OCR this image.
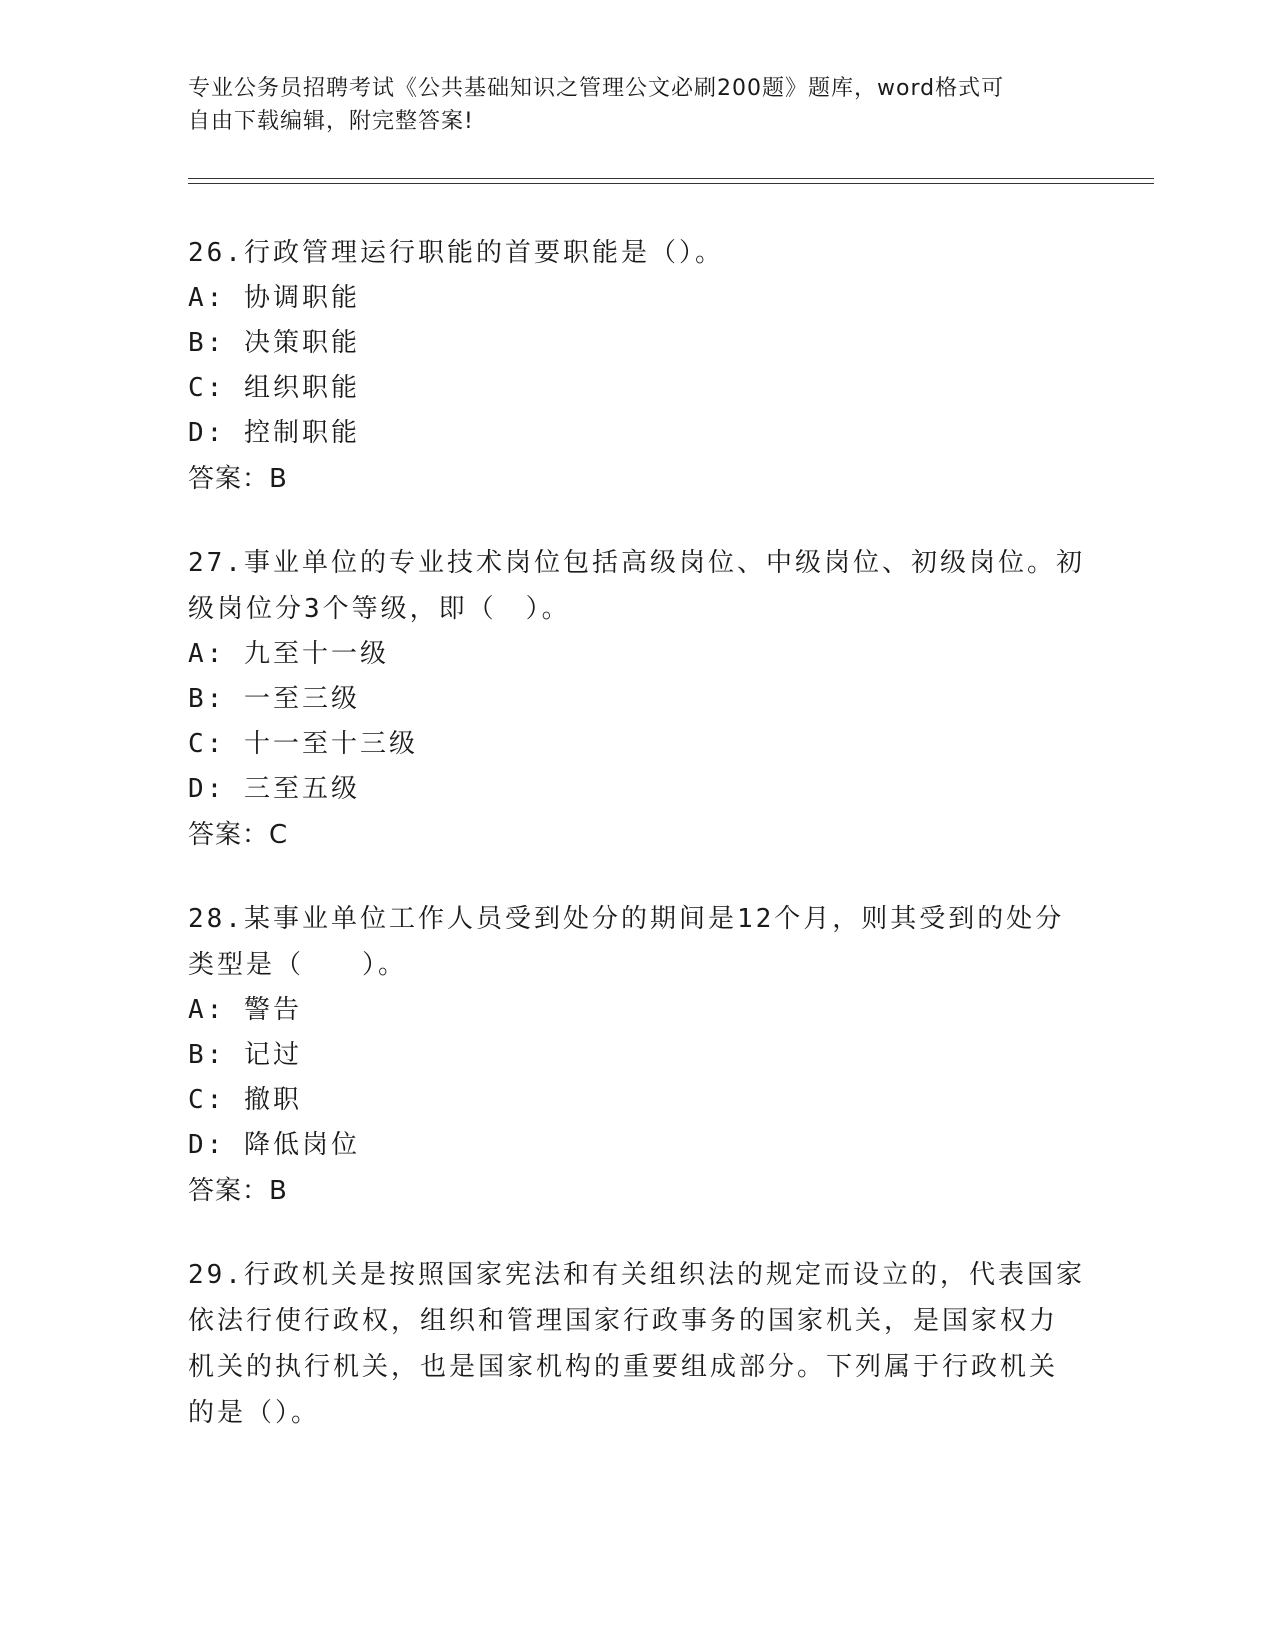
专业公务员招聘考试《公共基础知识之管理公文必刷200题》题库，word格式可
自由下载编辑，附完整答案!

26.行政管理运行职能的首要职能是（）。

A: 协调职能

B: 决策职能

C: 组织职能

D: 控制职能

答案：B

27.事业单位的专业技术岗位包括高级岗位、中级岗位、初级岗位。初

级岗位分3个等级，即（　）。

A: 九至十一级

B: 一至三级

C: 十一至十三级

D: 三至五级

答案：C

28.某事业单位工作人员受到处分的期间是12个月，则其受到的处分

类型是（　　）。

A: 警告

B: 记过

C: 撤职

D: 降低岗位

答案：B

29.行政机关是按照国家宪法和有关组织法的规定而设立的，代表国家

依法行使行政权，组织和管理国家行政事务的国家机关，是国家权力

机关的执行机关，也是国家机构的重要组成部分。下列属于行政机关

的是（）。
